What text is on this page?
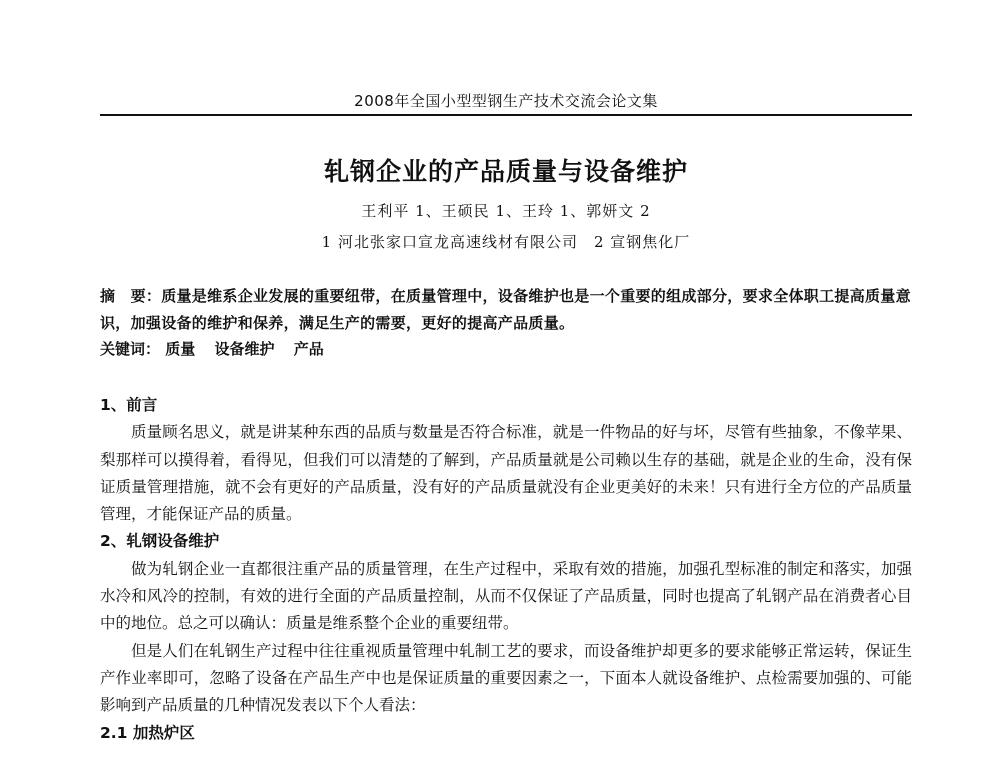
2008年全国小型型钢生产技术交流会论文集
轧钢企业的产品质量与设备维护
王利平 1、王硕民 1、王玲 1、郭妍文 2
1 河北张家口宣龙高速线材有限公司　2 宣钢焦化厂
摘　要：质量是维系企业发展的重要纽带，在质量管理中，设备维护也是一个重要的组成部分，要求全体职工提高质量意识，加强设备的维护和保养，满足生产的需要，更好的提高产品质量。
关键词： 质量 设备维护 产品

1、前言

质量顾名思义，就是讲某种东西的品质与数量是否符合标准，就是一件物品的好与坏，尽管有些抽象，不像苹果、梨那样可以摸得着，看得见，但我们可以清楚的了解到，产品质量就是公司赖以生存的基础，就是企业的生命，没有保证质量管理措施，就不会有更好的产品质量，没有好的产品质量就没有企业更美好的未来！只有进行全方位的产品质量管理，才能保证产品的质量。

2、轧钢设备维护

做为轧钢企业一直都很注重产品的质量管理，在生产过程中，采取有效的措施，加强孔型标准的制定和落实，加强水冷和风冷的控制，有效的进行全面的产品质量控制，从而不仅保证了产品质量，同时也提高了轧钢产品在消费者心目中的地位。总之可以确认：质量是维系整个企业的重要纽带。

但是人们在轧钢生产过程中往往重视质量管理中轧制工艺的要求，而设备维护却更多的要求能够正常运转，保证生产作业率即可，忽略了设备在产品生产中也是保证质量的重要因素之一，下面本人就设备维护、点检需要加强的、可能影响到产品质量的几种情况发表以下个人看法：

2.1 加热炉区
